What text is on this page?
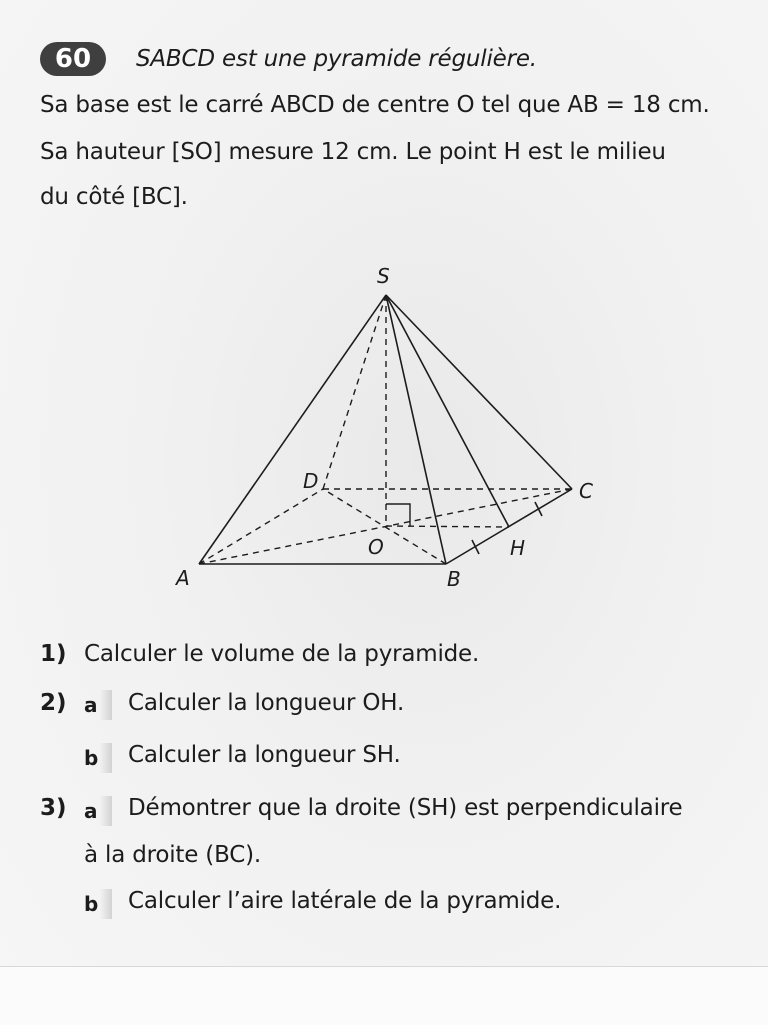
60	SABCD est une pyramide régulière.
Sa base est le carré ABCD de centre O tel que AB = 18 cm.
Sa hauteur [SO] mesure 12 cm. Le point H est le milieu
du côté [BC].
S
D	C
O	H
A	B
1) Calculer le volume de la pyramide.
2) a	Calculer la longueur OH.
b	Calculer la longueur SH.
3) a	Démontrer que la droite (SH) est perpendiculaire
à la droite (BC).
b	Calculer l’aire latérale de la pyramide.
